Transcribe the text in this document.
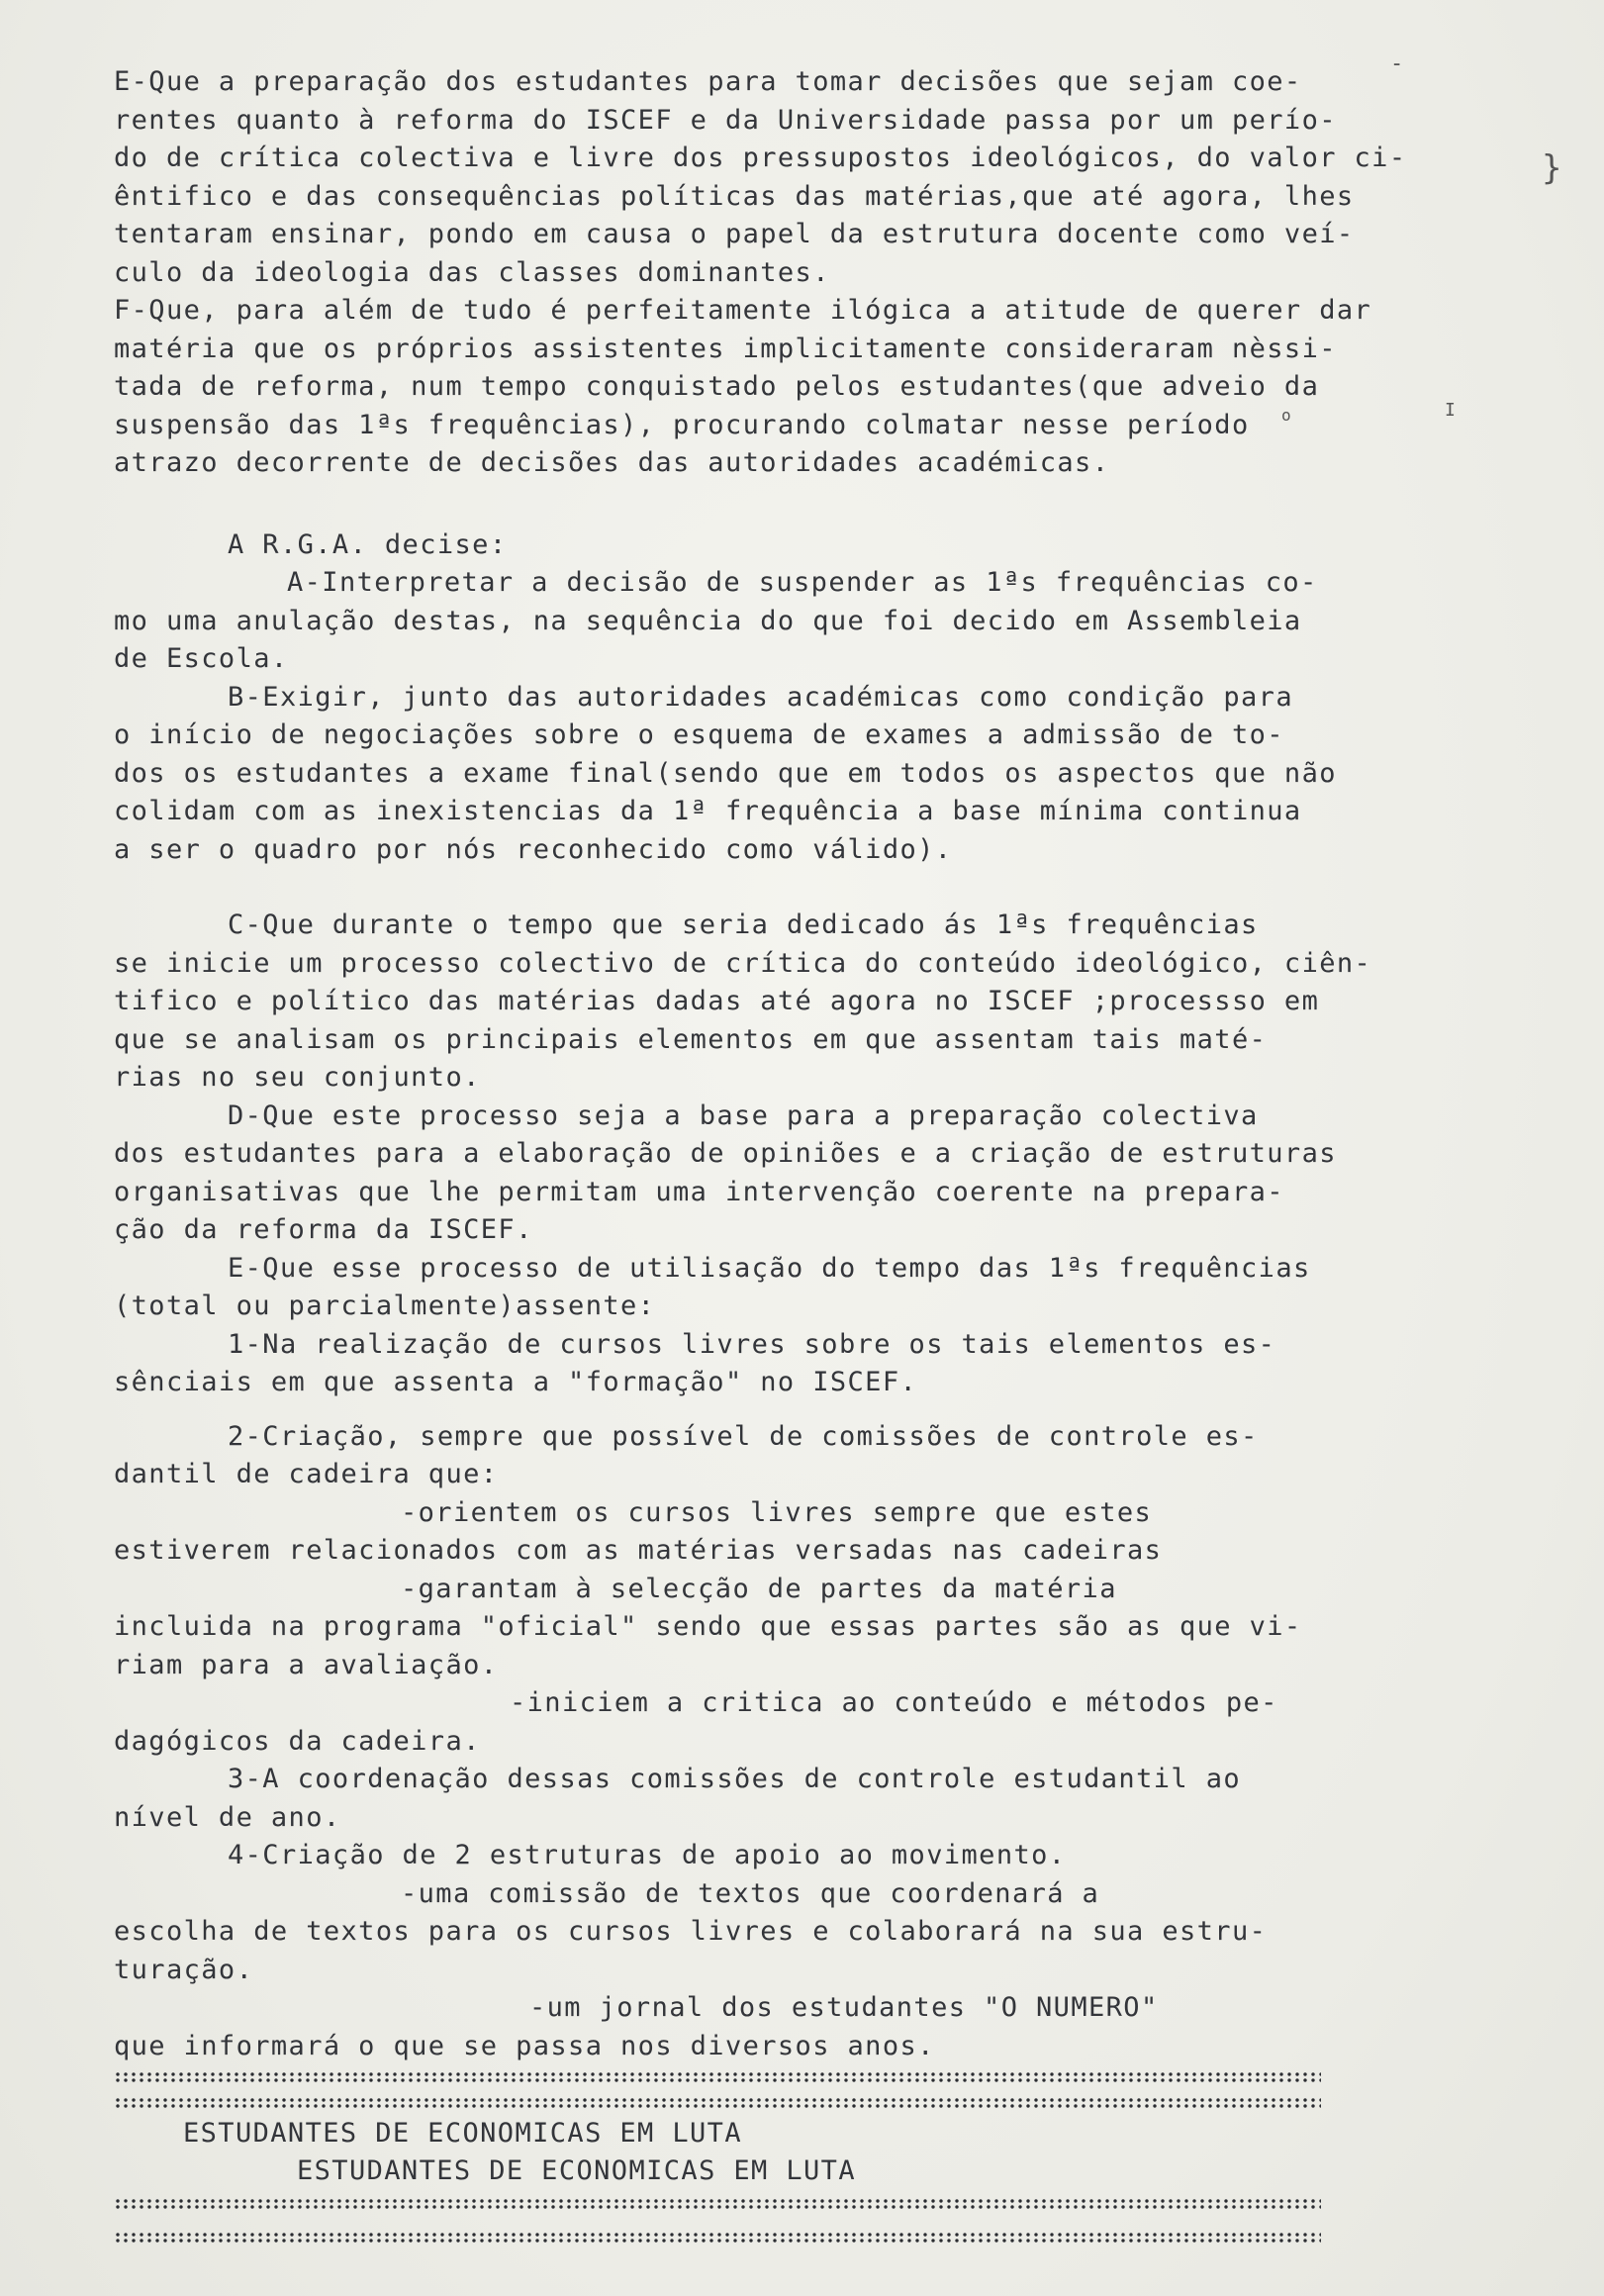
E-Que a preparação dos estudantes para tomar decisões que sejam coe-
rentes quanto à reforma do ISCEF e da Universidade passa por um perío-
do de crítica colectiva e livre dos pressupostos ideológicos, do valor ci-
êntifico e das consequências políticas das matérias,que até agora, lhes
tentaram ensinar, pondo em causa o papel da estrutura docente como veí-
culo da ideologia das classes dominantes.
F-Que, para além de tudo é perfeitamente ilógica a atitude de querer dar
matéria que os próprios assistentes implicitamente consideraram nèssi-
tada de reforma, num tempo conquistado pelos estudantes(que adveio da
suspensão das 1ªs frequências), procurando colmatar nesse período
atrazo decorrente de decisões das autoridades académicas.
A R.G.A. decise:
A-Interpretar a decisão de suspender as 1ªs frequências co-
mo uma anulação destas, na sequência do que foi decido em Assembleia
de Escola.
B-Exigir, junto das autoridades académicas como condição para
o início de negociações sobre o esquema de exames a admissão de to-
dos os estudantes a exame final(sendo que em todos os aspectos que não
colidam com as inexistencias da 1ª frequência a base mínima continua
a ser o quadro por nós reconhecido como válido).
C-Que durante o tempo que seria dedicado ás 1ªs frequências
se inicie um processo colectivo de crítica do conteúdo ideológico, ciên-
tifico e político das matérias dadas até agora no ISCEF ;processso em
que se analisam os principais elementos em que assentam tais maté-
rias no seu conjunto.
D-Que este processo seja a base para a preparação colectiva
dos estudantes para a elaboração de opiniões e a criação de estruturas
organisativas que lhe permitam uma intervenção coerente na prepara-
ção da reforma da ISCEF.
E-Que esse processo de utilisação do tempo das 1ªs frequências
(total ou parcialmente)assente:
1-Na realização de cursos livres sobre os tais elementos es-
sênciais em que assenta a "formação" no ISCEF.
2-Criação, sempre que possível de comissões de controle es-
dantil de cadeira que:
-orientem os cursos livres sempre que estes
estiverem relacionados com as matérias versadas nas cadeiras
-garantam à selecção de partes da matéria
incluida na programa "oficial" sendo que essas partes são as que vi-
riam para a avaliação.
-iniciem a critica ao conteúdo e métodos pe-
dagógicos da cadeira.
3-A coordenação dessas comissões de controle estudantil ao
nível de ano.
4-Criação de 2 estruturas de apoio ao movimento.
-uma comissão de textos que coordenará a
escolha de textos para os cursos livres e colaborará na sua estru-
turação.
-um jornal dos estudantes "O NUMERO"
que informará o que se passa nos diversos anos.
ESTUDANTES DE ECONOMICAS EM LUTA
ESTUDANTES DE ECONOMICAS EM LUTA
-
}
I
o
